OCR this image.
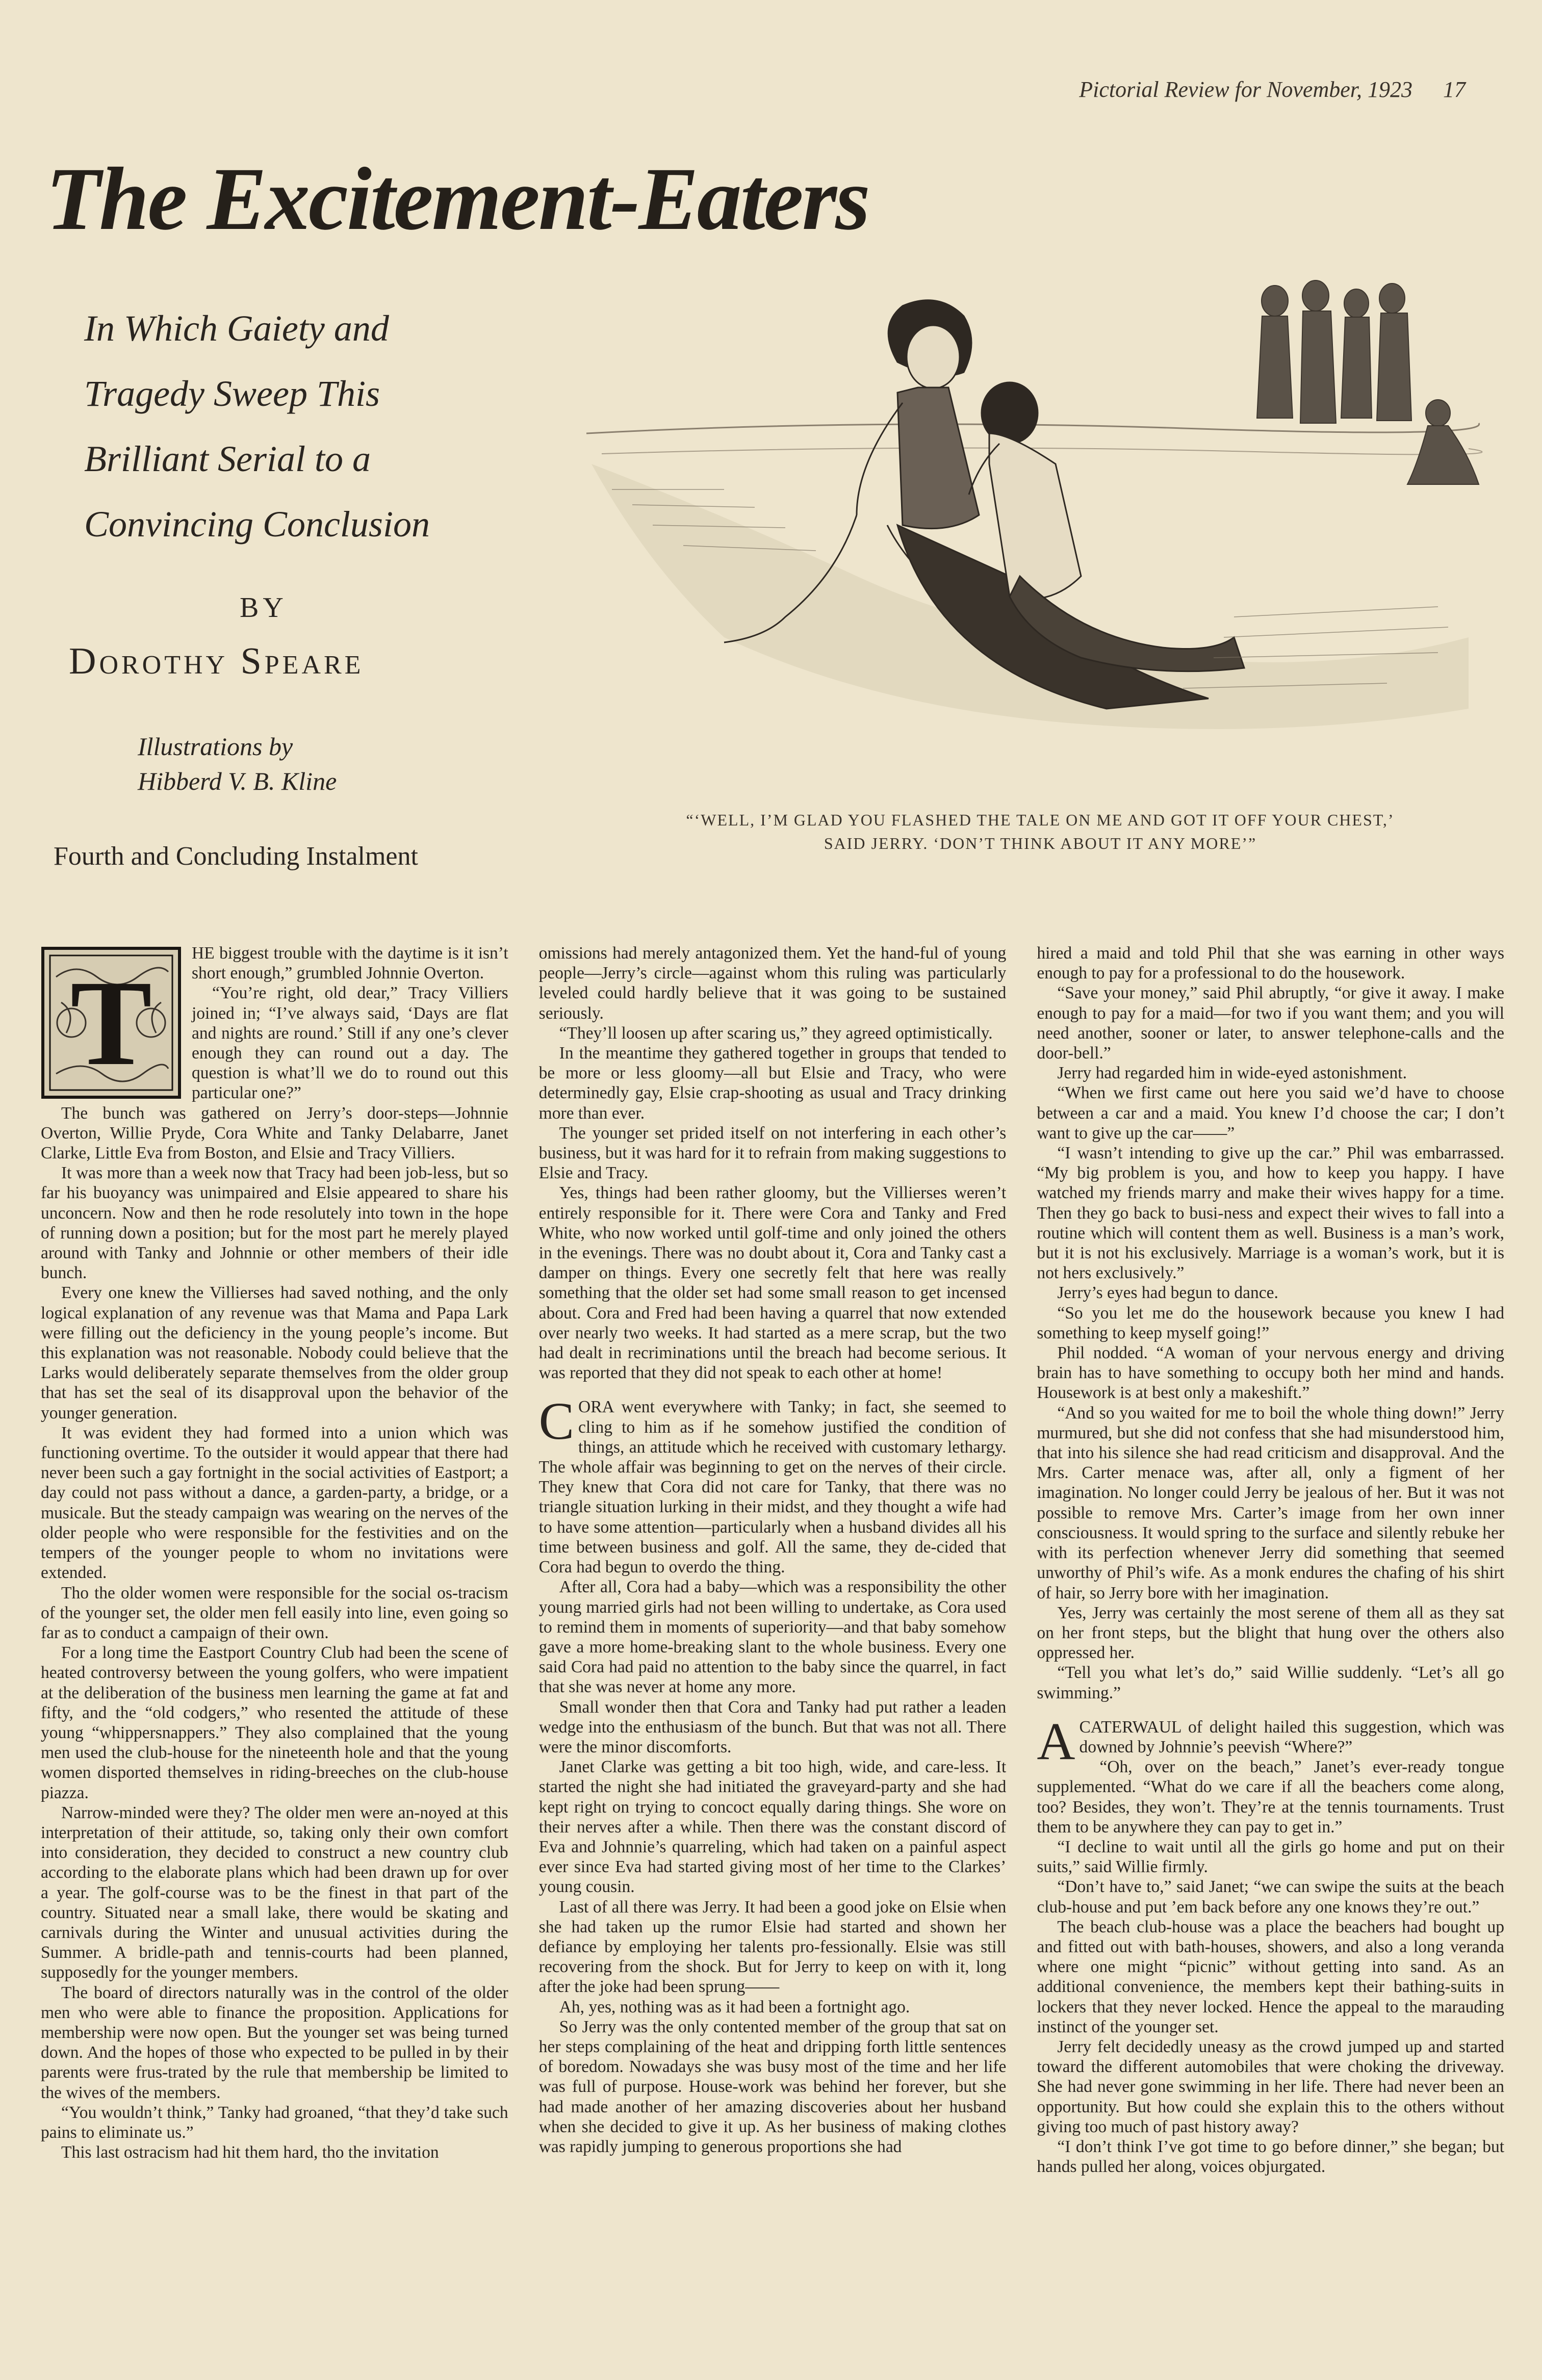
Pictorial Review for November, 1923 17
The Excitement-Eaters
In Which Gaiety and
Tragedy Sweep This
Brilliant Serial to a
Convincing Conclusion
BY
Dorothy Speare
Illustrations by
Hibberd V. B. Kline
Fourth and Concluding Instalment
“‘WELL, I’M GLAD YOU FLASHED THE TALE ON ME AND GOT IT OFF YOUR CHEST,’
SAID JERRY. ‘DON’T THINK ABOUT IT ANY MORE’”
T

HE biggest trouble with the daytime is it isn’t short enough,” grumbled Johnnie Overton.

“You’re right, old dear,” Tracy Villiers joined in; “I’ve always said, ‘Days are flat and nights are round.’ Still if any one’s clever enough they can round out a day. The question is what’ll we do to round out this particular one?”

The bunch was gathered on Jerry’s door-steps—Johnnie Overton, Willie Pryde, Cora White and Tanky Delabarre, Janet Clarke, Little Eva from Boston, and Elsie and Tracy Villiers.

It was more than a week now that Tracy had been job-less, but so far his buoyancy was unimpaired and Elsie appeared to share his unconcern. Now and then he rode resolutely into town in the hope of running down a position; but for the most part he merely played around with Tanky and Johnnie or other members of their idle bunch.

Every one knew the Villierses had saved nothing, and the only logical explanation of any revenue was that Mama and Papa Lark were filling out the deficiency in the young people’s income. But this explanation was not reasonable. Nobody could believe that the Larks would deliberately separate themselves from the older group that has set the seal of its disapproval upon the behavior of the younger generation.

It was evident they had formed into a union which was functioning overtime. To the outsider it would appear that there had never been such a gay fortnight in the social activities of Eastport; a day could not pass without a dance, a garden-party, a bridge, or a musicale. But the steady campaign was wearing on the nerves of the older people who were responsible for the festivities and on the tempers of the younger people to whom no invitations were extended.

Tho the older women were responsible for the social os-tracism of the younger set, the older men fell easily into line, even going so far as to conduct a campaign of their own.

For a long time the Eastport Country Club had been the scene of heated controversy between the young golfers, who were impatient at the deliberation of the business men learning the game at fat and fifty, and the “old codgers,” who resented the attitude of these young “whippersnappers.” They also complained that the young men used the club-house for the nineteenth hole and that the young women disported themselves in riding-breeches on the club-house piazza.

Narrow-minded were they? The older men were an-noyed at this interpretation of their attitude, so, taking only their own comfort into consideration, they decided to construct a new country club according to the elaborate plans which had been drawn up for over a year. The golf-course was to be the finest in that part of the country. Situated near a small lake, there would be skating and carnivals during the Winter and unusual activities during the Summer. A bridle-path and tennis-courts had been planned, supposedly for the younger members.

The board of directors naturally was in the control of the older men who were able to finance the proposition. Applications for membership were now open. But the younger set was being turned down. And the hopes of those who expected to be pulled in by their parents were frus-trated by the rule that membership be limited to the wives of the members.

“You wouldn’t think,” Tanky had groaned, “that they’d take such pains to eliminate us.”

This last ostracism had hit them hard, tho the invitation

omissions had merely antagonized them. Yet the hand-ful of young people—Jerry’s circle—against whom this ruling was particularly leveled could hardly believe that it was going to be sustained seriously.

“They’ll loosen up after scaring us,” they agreed optimistically.

In the meantime they gathered together in groups that tended to be more or less gloomy—all but Elsie and Tracy, who were determinedly gay, Elsie crap-shooting as usual and Tracy drinking more than ever.

The younger set prided itself on not interfering in each other’s business, but it was hard for it to refrain from making suggestions to Elsie and Tracy.

Yes, things had been rather gloomy, but the Villierses weren’t entirely responsible for it. There were Cora and Tanky and Fred White, who now worked until golf-time and only joined the others in the evenings. There was no doubt about it, Cora and Tanky cast a damper on things. Every one secretly felt that here was really something that the older set had some small reason to get incensed about. Cora and Fred had been having a quarrel that now extended over nearly two weeks. It had started as a mere scrap, but the two had dealt in recriminations until the breach had become serious. It was reported that they did not speak to each other at home!

CORA went everywhere with Tanky; in fact, she seemed to cling to him as if he somehow justified the condition of things, an attitude which he received with customary lethargy. The whole affair was beginning to get on the nerves of their circle. They knew that Cora did not care for Tanky, that there was no triangle situation lurking in their midst, and they thought a wife had to have some attention—particularly when a husband divides all his time between business and golf. All the same, they de-cided that Cora had begun to overdo the thing.

After all, Cora had a baby—which was a responsibility the other young married girls had not been willing to undertake, as Cora used to remind them in moments of superiority—and that baby somehow gave a more home-breaking slant to the whole business. Every one said Cora had paid no attention to the baby since the quarrel, in fact that she was never at home any more.

Small wonder then that Cora and Tanky had put rather a leaden wedge into the enthusiasm of the bunch. But that was not all. There were the minor discomforts.

Janet Clarke was getting a bit too high, wide, and care-less. It started the night she had initiated the graveyard-party and she had kept right on trying to concoct equally daring things. She wore on their nerves after a while. Then there was the constant discord of Eva and Johnnie’s quarreling, which had taken on a painful aspect ever since Eva had started giving most of her time to the Clarkes’ young cousin.

Last of all there was Jerry. It had been a good joke on Elsie when she had taken up the rumor Elsie had started and shown her defiance by employing her talents pro-fessionally. Elsie was still recovering from the shock. But for Jerry to keep on with it, long after the joke had been sprung——

Ah, yes, nothing was as it had been a fortnight ago.

So Jerry was the only contented member of the group that sat on her steps complaining of the heat and dripping forth little sentences of boredom. Nowadays she was busy most of the time and her life was full of purpose. House-work was behind her forever, but she had made another of her amazing discoveries about her husband when she decided to give it up. As her business of making clothes was rapidly jumping to generous proportions she had

hired a maid and told Phil that she was earning in other ways enough to pay for a professional to do the housework.

“Save your money,” said Phil abruptly, “or give it away. I make enough to pay for a maid—for two if you want them; and you will need another, sooner or later, to answer telephone-calls and the door-bell.”

Jerry had regarded him in wide-eyed astonishment.

“When we first came out here you said we’d have to choose between a car and a maid. You knew I’d choose the car; I don’t want to give up the car——”

“I wasn’t intending to give up the car.” Phil was embarrassed. “My big problem is you, and how to keep you happy. I have watched my friends marry and make their wives happy for a time. Then they go back to busi-ness and expect their wives to fall into a routine which will content them as well. Business is a man’s work, but it is not his exclusively. Marriage is a woman’s work, but it is not hers exclusively.”

Jerry’s eyes had begun to dance.

“So you let me do the housework because you knew I had something to keep myself going!”

Phil nodded. “A woman of your nervous energy and driving brain has to have something to occupy both her mind and hands. Housework is at best only a makeshift.”

“And so you waited for me to boil the whole thing down!” Jerry murmured, but she did not confess that she had misunderstood him, that into his silence she had read criticism and disapproval. And the Mrs. Carter menace was, after all, only a figment of her imagination. No longer could Jerry be jealous of her. But it was not possible to remove Mrs. Carter’s image from her own inner consciousness. It would spring to the surface and silently rebuke her with its perfection whenever Jerry did something that seemed unworthy of Phil’s wife. As a monk endures the chafing of his shirt of hair, so Jerry bore with her imagination.

Yes, Jerry was certainly the most serene of them all as they sat on her front steps, but the blight that hung over the others also oppressed her.

“Tell you what let’s do,” said Willie suddenly. “Let’s all go swimming.”

ACATERWAUL of delight hailed this suggestion, which was downed by Johnnie’s peevish “Where?”

“Oh, over on the beach,” Janet’s ever-ready tongue supplemented. “What do we care if all the beachers come along, too? Besides, they won’t. They’re at the tennis tournaments. Trust them to be anywhere they can pay to get in.”

“I decline to wait until all the girls go home and put on their suits,” said Willie firmly.

“Don’t have to,” said Janet; “we can swipe the suits at the beach club-house and put ’em back before any one knows they’re out.”

The beach club-house was a place the beachers had bought up and fitted out with bath-houses, showers, and also a long veranda where one might “picnic” without getting into sand. As an additional convenience, the members kept their bathing-suits in lockers that they never locked. Hence the appeal to the marauding instinct of the younger set.

Jerry felt decidedly uneasy as the crowd jumped up and started toward the different automobiles that were choking the driveway. She had never gone swimming in her life. There had never been an opportunity. But how could she explain this to the others without giving too much of past history away?

“I don’t think I’ve got time to go before dinner,” she began; but hands pulled her along, voices objurgated.
